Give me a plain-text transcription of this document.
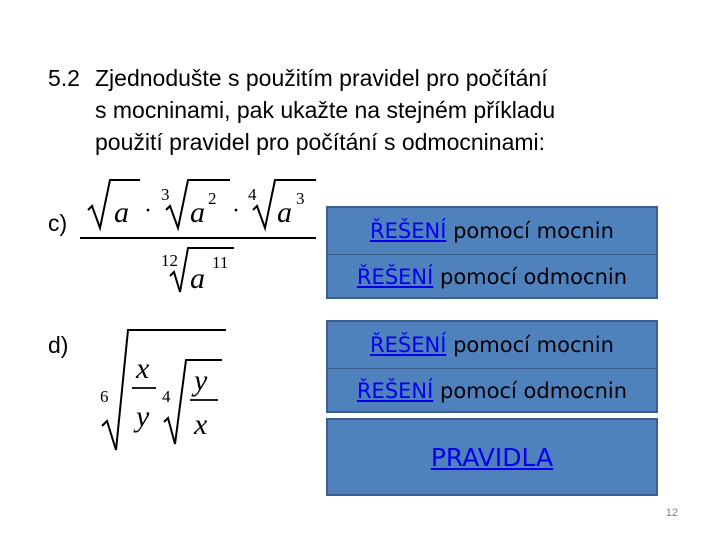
5.2 Zjednodušte s použitím pravidel pro počítání
s mocninami, pak ukažte na stejném příkladu
použití pravidel pro počítání s odmocninami:
c) a ·
3
a 2 ·
4
a 3
12
a 11
d)
6
x
y
4 y
x
ŘEŠENÍ pomocí mocnin
ŘEŠENÍ pomocí odmocnin
ŘEŠENÍ pomocí mocnin
ŘEŠENÍ pomocí odmocnin
PRAVIDLA
12
